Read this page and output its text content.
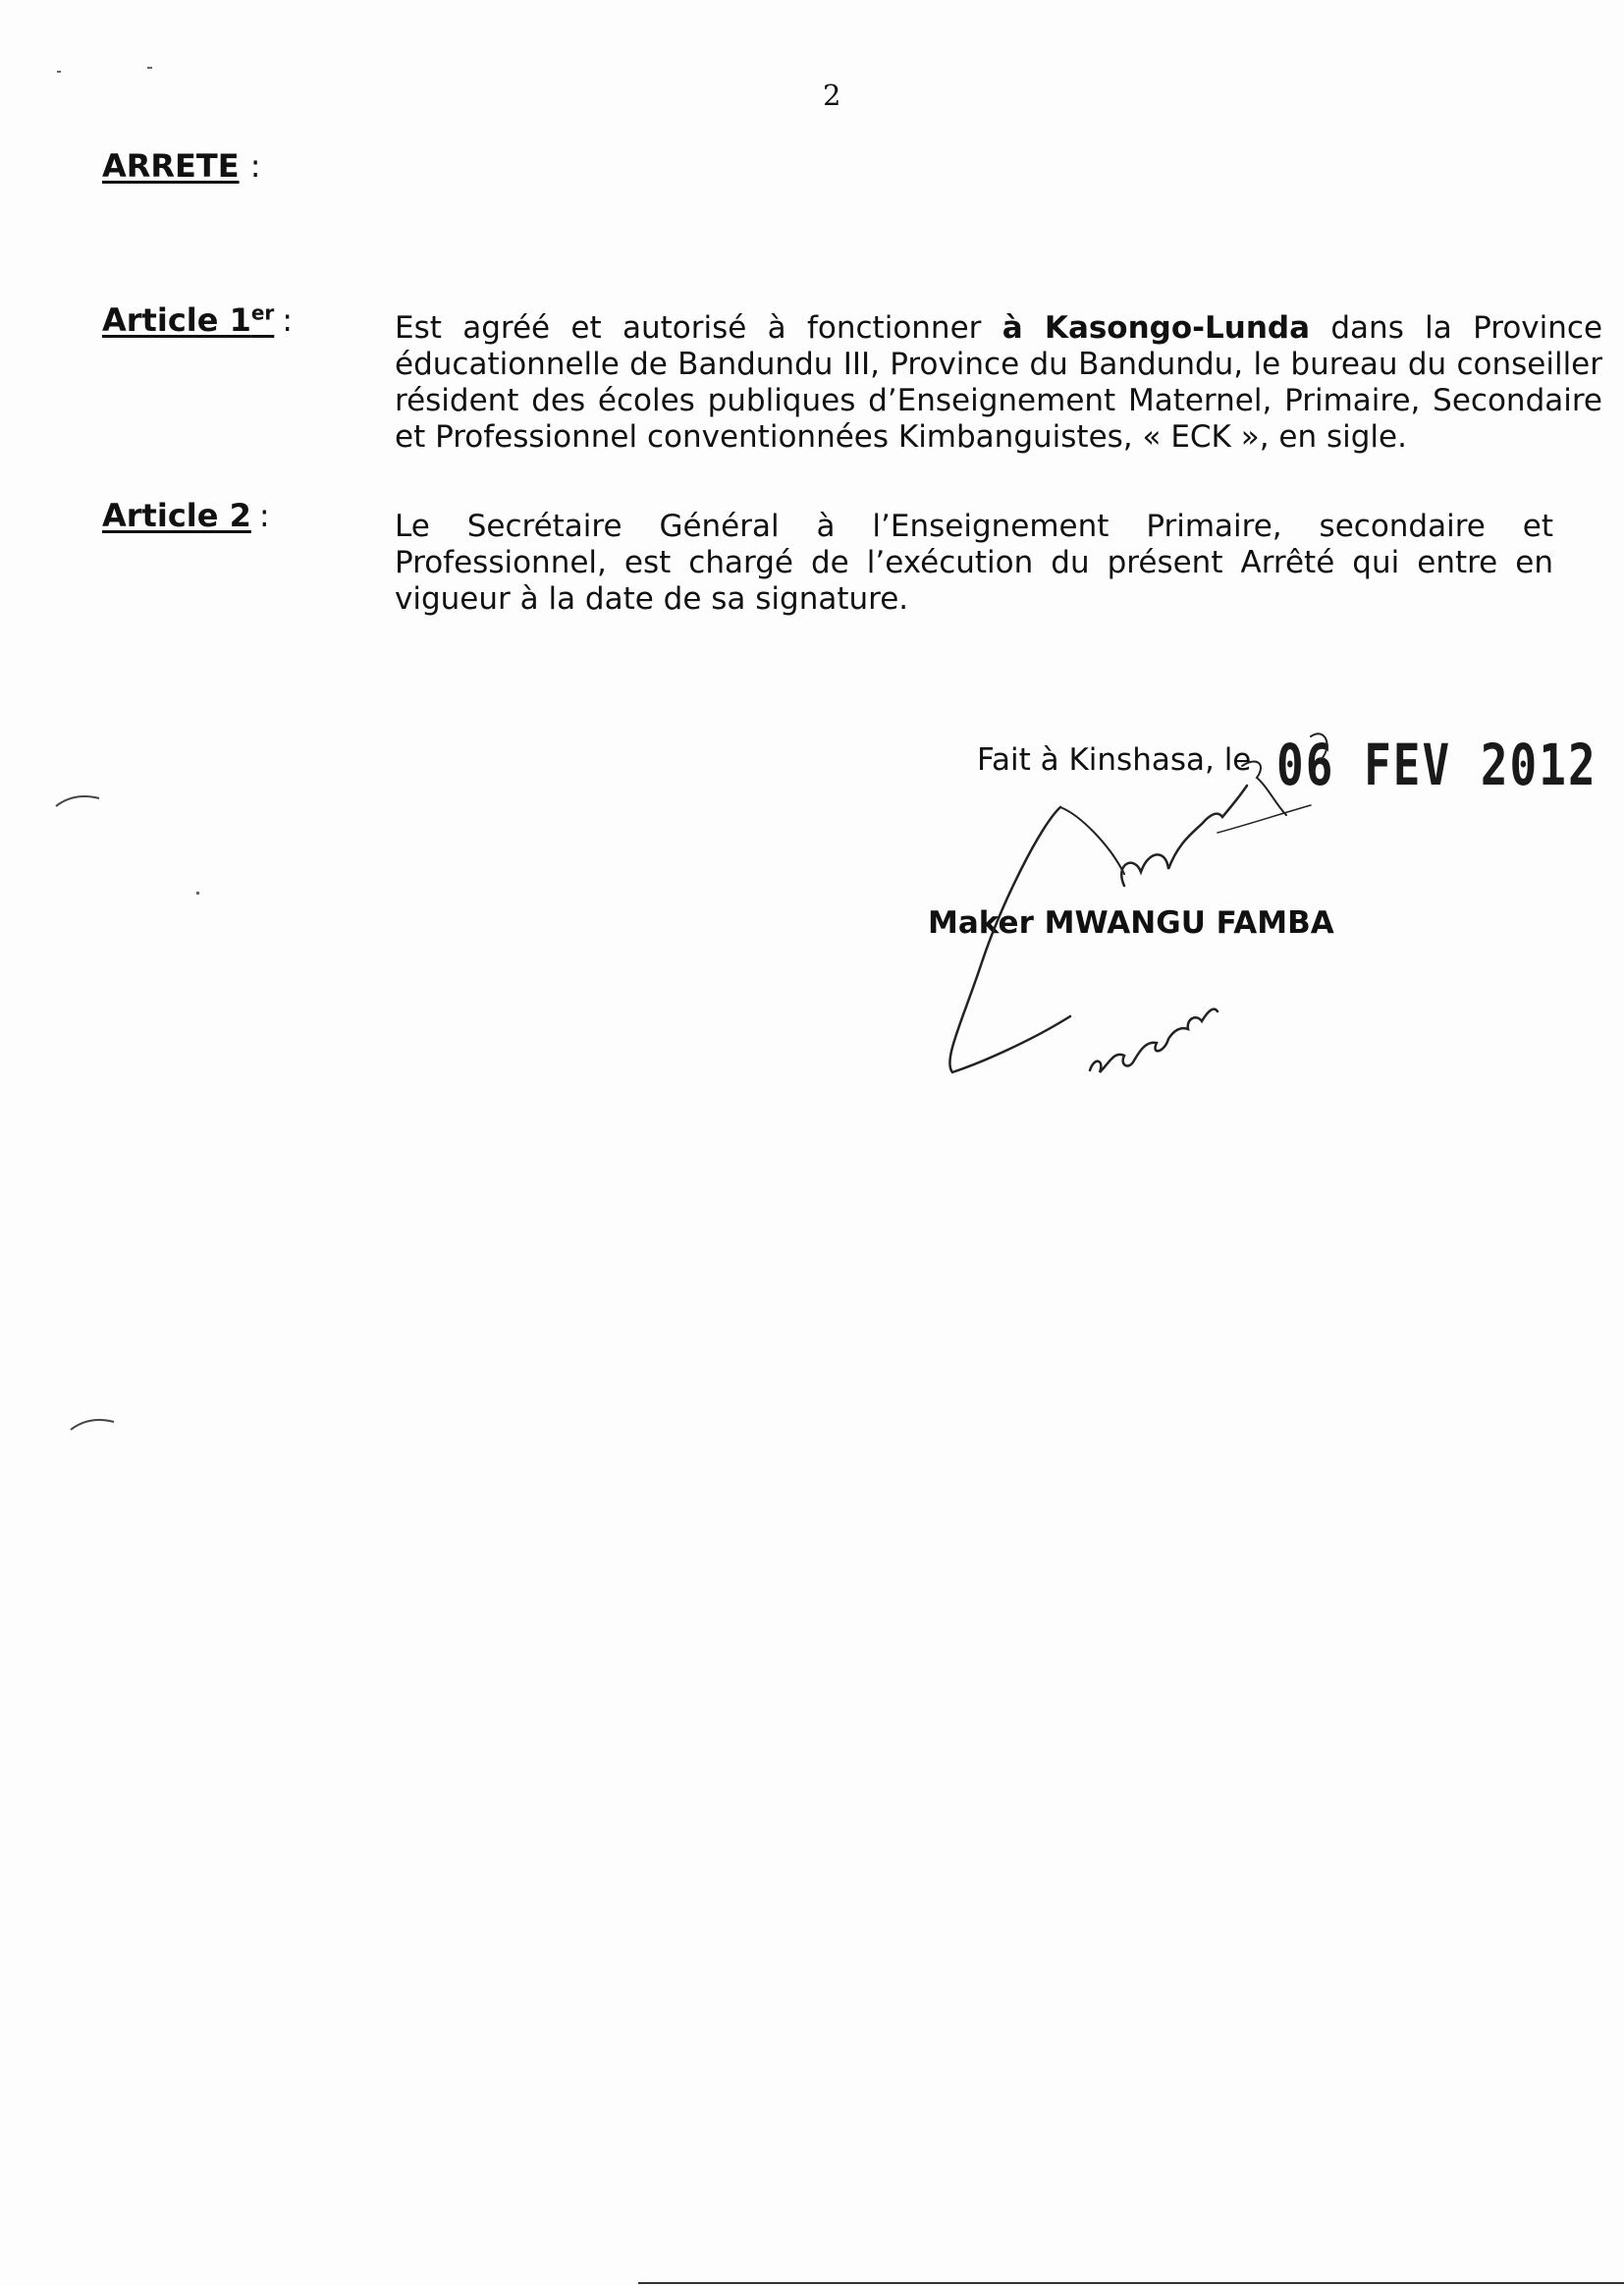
2
ARRETE :
Article 1er :	Est agréé et autorisé à fonctionner à Kasongo-Lunda dans la Province éducationnelle de Bandundu III, Province du Bandundu, le bureau du conseiller résident des écoles publiques d’Enseignement Maternel, Primaire, Secondaire et Professionnel conventionnées Kimbanguistes, « ECK », en sigle.
Article 2 :	Le Secrétaire Général à l’Enseignement Primaire, secondaire et Professionnel, est chargé de l’exécution du présent Arrêté qui entre en vigueur à la date de sa signature.
Fait à Kinshasa, le 06 FEV 2012
Maker MWANGU FAMBA
